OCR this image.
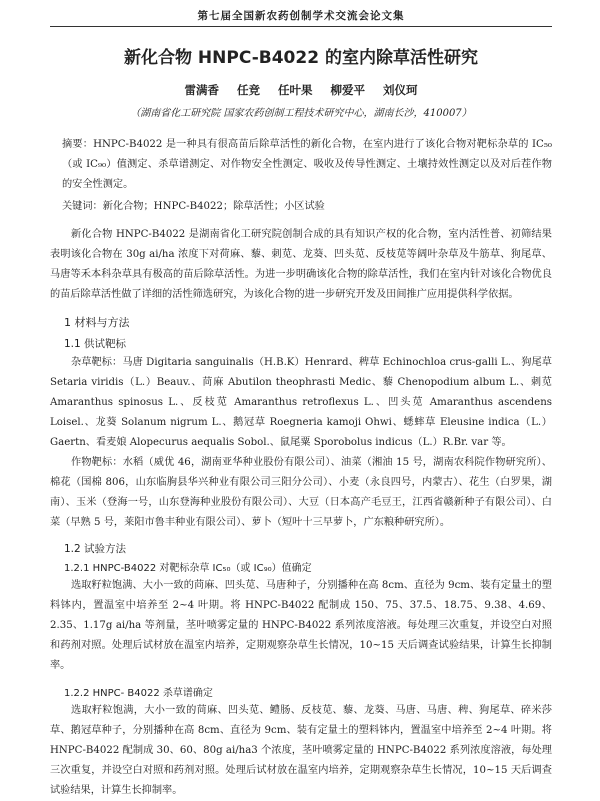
第七届全国新农药创制学术交流会论文集
新化合物 HNPC-B4022 的室内除草活性研究
雷满香 任竞 任叶果 柳爱平 刘仪珂
（湖南省化工研究院 国家农药创制工程技术研究中心，湖南长沙，410007）

摘要：HNPC-B4022 是一种具有很高苗后除草活性的新化合物，在室内进行了该化合物对靶标杂草的 IC₅₀（或 IC₉₀）值测定、杀草谱测定、对作物安全性测定、吸收及传导性测定、土壤持效性测定以及对后茬作物的安全性测定。

关键词：新化合物；HNPC-B4022；除草活性；小区试验

新化合物 HNPC-B4022 是湖南省化工研究院创制合成的具有知识产权的化合物，室内活性普、初筛结果表明该化合物在 30g ai/ha 浓度下对荷麻、藜、刺苋、龙葵、凹头苋、反枝苋等阔叶杂草及牛筋草、狗尾草、马唐等禾本科杂草具有极高的苗后除草活性。为进一步明确该化合物的除草活性，我们在室内针对该化合物优良的苗后除草活性做了详细的活性筛选研究，为该化合物的进一步研究开发及田间推广应用提供科学依据。

1 材料与方法
1.1 供试靶标

杂草靶标：马唐 Digitaria sanguinalis（H.B.K）Henrard、稗草 Echinochloa crus-galli L.、狗尾草 Setaria viridis（L.）Beauv.、苘麻 Abutilon theophrasti Medic、藜 Chenopodium album L.、刺苋 Amaranthus spinosus L.、反枝苋 Amaranthus retroflexus L.、凹头苋 Amaranthus ascendens Loisel.、龙葵 Solanum nigrum L.、鹅冠草 Roegneria kamoji Ohwi、蟋蟀草 Eleusine indica（L.）Gaertn、看麦娘 Alopecurus aequalis Sobol.、鼠尾粟 Sporobolus indicus（L.）R.Br. var 等。

作物靶标：水稻（威优 46，湖南亚华种业股份有限公司）、油菜（湘油 15 号，湖南农科院作物研究所）、棉花（国棉 806，山东临朐县华兴种业有限公司三阳分公司）、小麦（永良四号，内蒙古）、花生（白罗果，湖南）、玉米（登海一号，山东登海种业股份有限公司）、大豆（日本高产毛豆王，江西省赣新种子有限公司）、白菜（早熟 5 号，莱阳市鲁丰种业有限公司）、萝卜（短叶十三早萝卜，广东粮种研究所）。

1.2 试验方法
1.2.1 HNPC-B4022 对靶标杂草 IC₅₀（或 IC₉₀）值确定

选取籽粒饱满、大小一致的苘麻、凹头苋、马唐种子，分别播种在高 8cm、直径为 9cm、装有定量土的塑料钵内，置温室中培养至 2~4 叶期。将 HNPC-B4022 配制成 150、75、37.5、18.75、9.38、4.69、2.35、1.17g ai/ha 等剂量，茎叶喷雾定量的 HNPC-B4022 系列浓度溶液。每处理三次重复，并设空白对照和药剂对照。处理后试材放在温室内培养，定期观察杂草生长情况，10~15 天后调查试验结果，计算生长抑制率。

1.2.2 HNPC- B4022 杀草谱确定

选取籽粒饱满，大小一致的苘麻、凹头苋、鳢肠、反枝苋、藜、龙葵、马唐、马唐、稗、狗尾草、碎米莎草、鹅冠草种子，分别播种在高 8cm、直径为 9cm、装有定量土的塑料钵内，置温室中培养至 2~4 叶期。将 HNPC-B4022 配制成 30、60、80g ai/ha3 个浓度，茎叶喷雾定量的 HNPC-B4022 系列浓度溶液，每处理三次重复，并设空白对照和药剂对照。处理后试材放在温室内培养，定期观察杂草生长情况，10~15 天后调查试验结果，计算生长抑制率。
